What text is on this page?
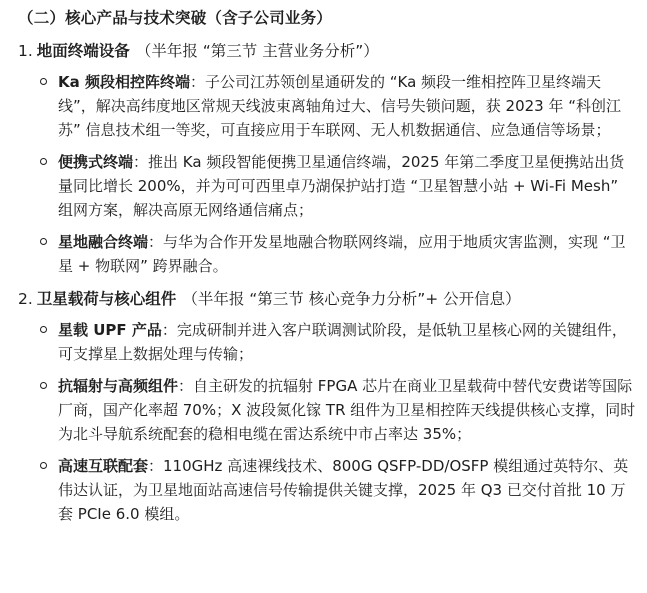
（二）核心产品与技术突破（含子公司业务）
1. 地面终端设备 （半年报 “第三节 主营业务分析”）
Ka 频段相控阵终端：子公司江苏领创星通研发的 “Ka 频段一维相控阵卫星终端天线”，解决高纬度地区常规天线波束离轴角过大、信号失锁问题，获 2023 年 “科创江苏” 信息技术组一等奖，可直接应用于车联网、无人机数据通信、应急通信等场景；
便携式终端：推出 Ka 频段智能便携卫星通信终端，2025 年第二季度卫星便携站出货量同比增长 200%，并为可可西里卓乃湖保护站打造 “卫星智慧小站 + Wi-Fi Mesh” 组网方案，解决高原无网络通信痛点；
星地融合终端：与华为合作开发星地融合物联网终端，应用于地质灾害监测，实现 “卫星 + 物联网” 跨界融合。
2. 卫星载荷与核心组件 （半年报 “第三节 核心竞争力分析”+ 公开信息）
星载 UPF 产品：完成研制并进入客户联调测试阶段，是低轨卫星核心网的关键组件，可支撑星上数据处理与传输；
抗辐射与高频组件：自主研发的抗辐射 FPGA 芯片在商业卫星载荷中替代安费诺等国际厂商，国产化率超 70%；X 波段氮化镓 TR 组件为卫星相控阵天线提供核心支撑，同时为北斗导航系统配套的稳相电缆在雷达系统中市占率达 35%；
高速互联配套：110GHz 高速裸线技术、800G QSFP-DD/OSFP 模组通过英特尔、英伟达认证，为卫星地面站高速信号传输提供关键支撑，2025 年 Q3 已交付首批 10 万套 PCIe 6.0 模组。
